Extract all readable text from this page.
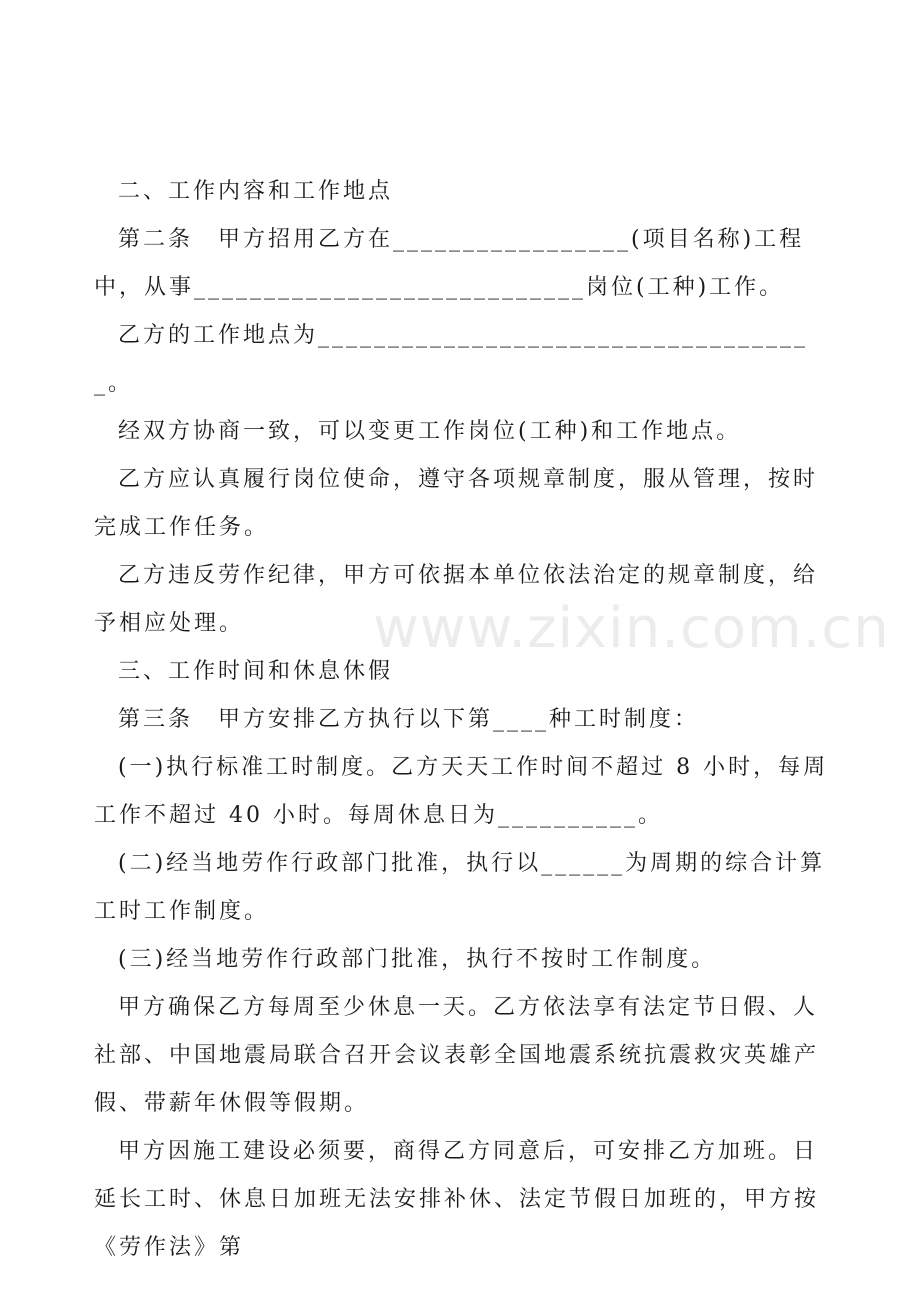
二、工作内容和工作地点

第二条　甲方招用乙方在_________________(项目名称)工程中，从事____________________________岗位(工种)工作。

乙方的工作地点为____________________________________。

经双方协商一致，可以变更工作岗位(工种)和工作地点。

乙方应认真履行岗位使命，遵守各项规章制度，服从管理，按时完成工作任务。

乙方违反劳作纪律，甲方可依据本单位依法治定的规章制度，给予相应处理。

三、工作时间和休息休假

第三条　甲方安排乙方执行以下第____种工时制度：

(一)执行标准工时制度。乙方天天工作时间不超过 8 小时，每周工作不超过 40 小时。每周休息日为__________。

(二)经当地劳作行政部门批准，执行以______为周期的综合计算工时工作制度。

(三)经当地劳作行政部门批准，执行不按时工作制度。

甲方确保乙方每周至少休息一天。乙方依法享有法定节日假、人社部、中国地震局联合召开会议表彰全国地震系统抗震救灾英雄产假、带薪年休假等假期。

甲方因施工建设必须要，商得乙方同意后，可安排乙方加班。日延长工时、休息日加班无法安排补休、法定节假日加班的，甲方按《劳作法》第

www.zixin.com.cn
